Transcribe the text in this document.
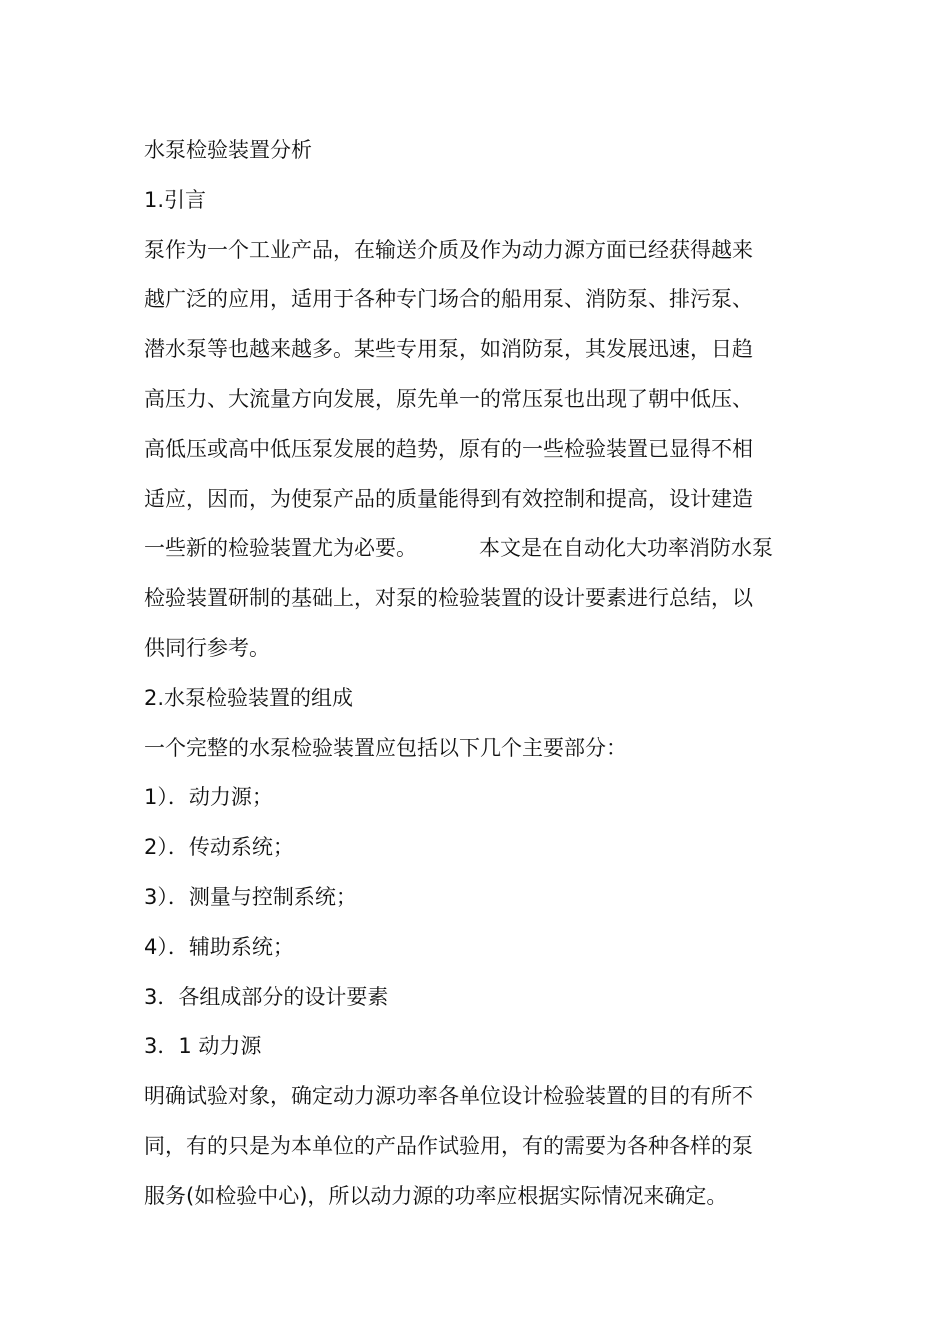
水泵检验装置分析
1.引言
泵作为一个工业产品，在输送介质及作为动力源方面已经获得越来
越广泛的应用，适用于各种专门场合的船用泵、消防泵、排污泵、
潜水泵等也越来越多。某些专用泵，如消防泵，其发展迅速，日趋
高压力、大流量方向发展，原先单一的常压泵也出现了朝中低压、
高低压或高中低压泵发展的趋势，原有的一些检验装置已显得不相
适应，因而，为使泵产品的质量能得到有效控制和提高，设计建造
一些新的检验装置尤为必要。	本文是在自动化大功率消防水泵
检验装置研制的基础上，对泵的检验装置的设计要素进行总结，以
供同行参考。
2.水泵检验装置的组成
一个完整的水泵检验装置应包括以下几个主要部分：
1）．动力源；
2）．传动系统；
3）．测量与控制系统；
4）．辅助系统；
3．各组成部分的设计要素
3．1 动力源
明确试验对象，确定动力源功率各单位设计检验装置的目的有所不
同，有的只是为本单位的产品作试验用，有的需要为各种各样的泵
服务(如检验中心)，所以动力源的功率应根据实际情况来确定。
